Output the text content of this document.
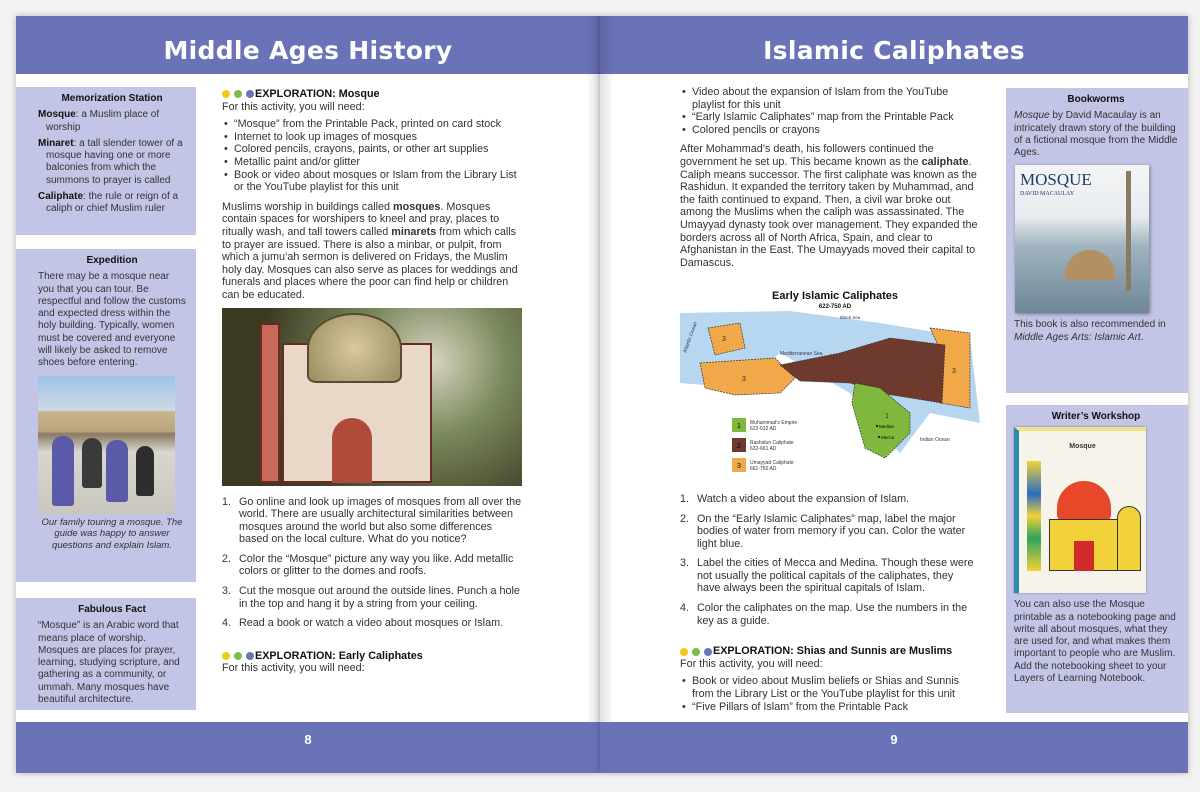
Middle Ages History
Memorization Station
Mosque: a Muslim place of worship
Minaret: a tall slender tower of a mosque having one or more balconies from which the summons to prayer is called
Caliphate: the rule or reign of a caliph or chief Muslim ruler
Expedition
There may be a mosque near you that you can tour. Be respectful and follow the customs and expected dress within the holy building. Typically, women must be covered and everyone will likely be asked to remove shoes before entering.
Our family touring a mosque. The guide was happy to answer questions and explain Islam.
Fabulous Fact
“Mosque” is an Arabic word that means place of worship. Mosques are places for prayer, learning, studying scripture, and gathering as a community, or ummah. Many mosques have beautiful architecture.
EXPLORATION: Mosque
For this activity, you will need:
• “Mosque” from the Printable Pack, printed on card stock
• Internet to look up images of mosques
• Colored pencils, crayons, paints, or other art supplies
• Metallic paint and/or glitter
• Book or video about mosques or Islam from the Library List or the YouTube playlist for this unit

Muslims worship in buildings called mosques. Mosques contain spaces for worshipers to kneel and pray, places to ritually wash, and tall towers called minarets from which calls to prayer are issued. There is also a minbar, or pulpit, from which a jumu’ah sermon is delivered on Fridays, the Muslim holy day. Mosques can also serve as places for weddings and funerals and places where the poor can find help or children can be educated.

1. Go online and look up images of mosques from all over the world. There are usually architectural similarities between mosques around the world but also some differences based on the local culture. What do you notice?
2. Color the “Mosque” picture any way you like. Add metallic colors or glitter to the domes and roofs.
3. Cut the mosque out around the outside lines. Punch a hole in the top and hang it by a string from your ceiling.
4. Read a book or watch a video about mosques or Islam.
EXPLORATION: Early Caliphates
For this activity, you will need:
8
Islamic Caliphates
• Video about the expansion of Islam from the YouTube playlist for this unit
• “Early Islamic Caliphates” map from the Printable Pack
• Colored pencils or crayons

After Mohammad’s death, his followers continued the government he set up. This became known as the caliphate. Caliph means successor. The first caliphate was known as the Rashidun. It expanded the territory taken by Muhammad, and the faith continued to expand. Then, a civil war broke out among the Muslims when the caliph was assassinated. The Umayyad dynasty took over management. They expanded the borders across all of North Africa, Spain, and clear to Afghanistan in the East. The Umayyads moved their capital to Damascus.

Early Islamic Caliphates
622-750 AD
3
3
3
1
Atlantic Ocean
Mediterranean Sea
Black Sea
Indian Ocean
Medina
Mecca
1 Muhammad’s Empire
622-632 AD
2 Rashidun Caliphate
632-661 AD
3 Umayyad Caliphate
661-750 AD
1. Watch a video about the expansion of Islam.
2. On the “Early Islamic Caliphates” map, label the major bodies of water from memory if you can. Color the water light blue.
3. Label the cities of Mecca and Medina. Though these were not usually the political capitals of the caliphates, they have always been the spiritual capitals of Islam.
4. Color the caliphates on the map. Use the numbers in the key as a guide.
EXPLORATION: Shias and Sunnis are Muslims
For this activity, you will need:
• Book or video about Muslim beliefs or Shias and Sunnis from the Library List or the YouTube playlist for this unit
• “Five Pillars of Islam” from the Printable Pack
Bookworms
Mosque by David Macaulay is an intricately drawn story of the building of a fictional mosque from the Middle Ages.
MOSQUE
DAVID MACAULAY
This book is also recommended in Middle Ages Arts: Islamic Art.
Writer’s Workshop
Mosque
You can also use the Mosque printable as a notebooking page and write all about mosques, what they are used for, and what makes them important to people who are Muslim. Add the notebooking sheet to your Layers of Learning Notebook.
9
